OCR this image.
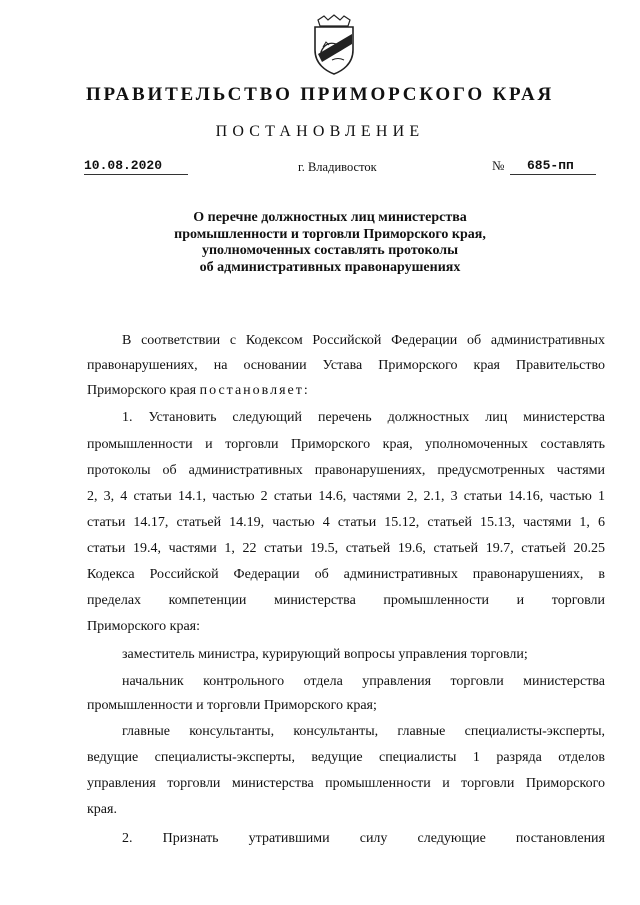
ПРАВИТЕЛЬСТВО ПРИМОРСКОГО КРАЯ
ПОСТАНОВЛЕНИЕ
10.08.2020	г. Владивосток	№ 685-пп
О перечне должностных лиц министерства
промышленности и торговли Приморского края,
уполномоченных составлять протоколы
об административных правонарушениях
В соответствии с Кодексом Российской Федерации об административных
правонарушениях, на основании Устава Приморского края Правительство
Приморского края постановляет:
1. Установить следующий перечень должностных лиц министерства
промышленности и торговли Приморского края, уполномоченных составлять
протоколы об административных правонарушениях, предусмотренных частями
2, 3, 4 статьи 14.1, частью 2 статьи 14.6, частями 2, 2.1, 3 статьи 14.16, частью 1
статьи 14.17, статьей 14.19, частью 4 статьи 15.12, статьей 15.13, частями 1, 6
статьи 19.4, частями 1, 22 статьи 19.5, статьей 19.6, статьей 19.7, статьей 20.25
Кодекса Российской Федерации об административных правонарушениях, в
пределах компетенции министерства промышленности и торговли
Приморского края:
заместитель министра, курирующий вопросы управления торговли;
начальник контрольного отдела управления торговли министерства
промышленности и торговли Приморского края;
главные консультанты, консультанты, главные специалисты-эксперты,
ведущие специалисты-эксперты, ведущие специалисты 1 разряда отделов
управления торговли министерства промышленности и торговли Приморского
края.
2. Признать утратившими силу следующие постановления
